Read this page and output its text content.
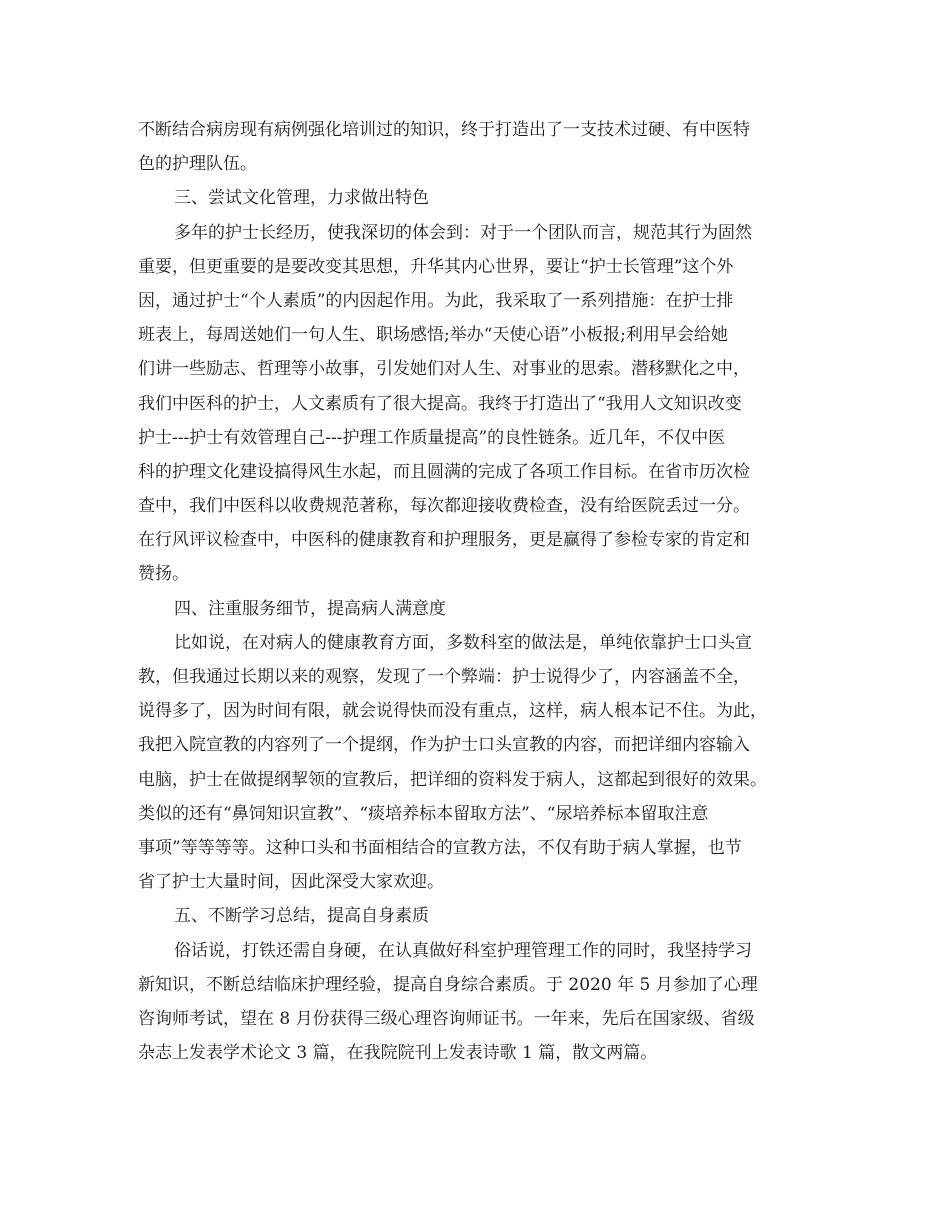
不断结合病房现有病例强化培训过的知识，终于打造出了一支技术过硬、有中医特
色的护理队伍。
三、尝试文化管理，力求做出特色
多年的护士长经历，使我深切的体会到：对于一个团队而言，规范其行为固然
重要，但更重要的是要改变其思想，升华其内心世界，要让“护士长管理”这个外
因，通过护士“个人素质”的内因起作用。为此，我采取了一系列措施：在护士排
班表上，每周送她们一句人生、职场感悟;举办“天使心语”小板报;利用早会给她
们讲一些励志、哲理等小故事，引发她们对人生、对事业的思索。潜移默化之中，
我们中医科的护士，人文素质有了很大提高。我终于打造出了“我用人文知识改变
护士---护士有效管理自己---护理工作质量提高”的良性链条。近几年，不仅中医
科的护理文化建设搞得风生水起，而且圆满的完成了各项工作目标。在省市历次检
查中，我们中医科以收费规范著称，每次都迎接收费检查，没有给医院丢过一分。
在行风评议检查中，中医科的健康教育和护理服务，更是赢得了参检专家的肯定和
赞扬。
四、注重服务细节，提高病人满意度
比如说，在对病人的健康教育方面，多数科室的做法是，单纯依靠护士口头宣
教，但我通过长期以来的观察，发现了一个弊端：护士说得少了，内容涵盖不全，
说得多了，因为时间有限，就会说得快而没有重点，这样，病人根本记不住。为此，
我把入院宣教的内容列了一个提纲，作为护士口头宣教的内容，而把详细内容输入
电脑，护士在做提纲挈领的宣教后，把详细的资料发于病人，这都起到很好的效果。
类似的还有“鼻饲知识宣教”、“痰培养标本留取方法”、“尿培养标本留取注意
事项”等等等等。这种口头和书面相结合的宣教方法，不仅有助于病人掌握，也节
省了护士大量时间，因此深受大家欢迎。
五、不断学习总结，提高自身素质
俗话说，打铁还需自身硬，在认真做好科室护理管理工作的同时，我坚持学习
新知识，不断总结临床护理经验，提高自身综合素质。于 2020 年 5 月参加了心理
咨询师考试，望在 8 月份获得三级心理咨询师证书。一年来，先后在国家级、省级
杂志上发表学术论文 3 篇，在我院院刊上发表诗歌 1 篇，散文两篇。
